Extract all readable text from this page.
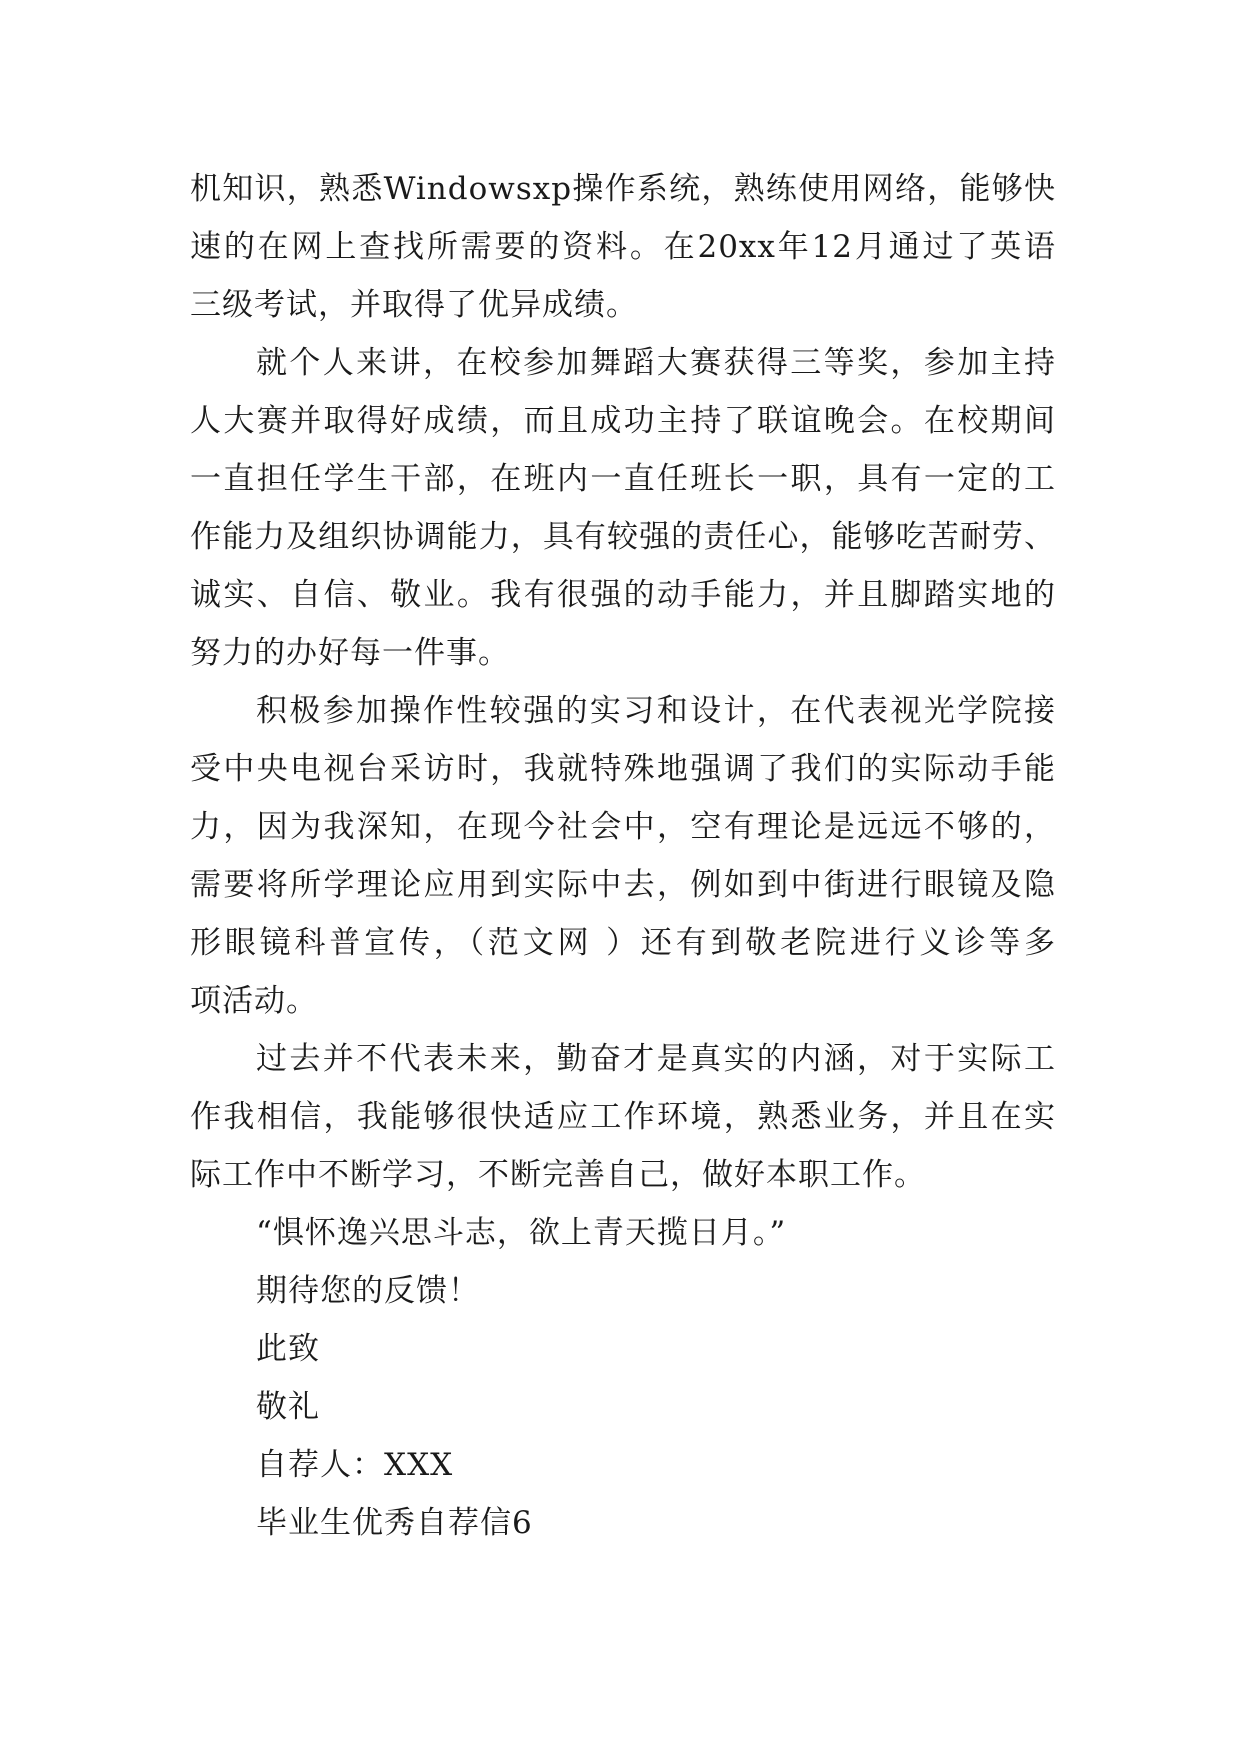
机知识，熟悉Windowsxp操作系统，熟练使用网络，能够快
速的在网上查找所需要的资料。在20xx年12月通过了英语
三级考试，并取得了优异成绩。
就个人来讲，在校参加舞蹈大赛获得三等奖，参加主持
人大赛并取得好成绩，而且成功主持了联谊晚会。在校期间
一直担任学生干部，在班内一直任班长一职，具有一定的工
作能力及组织协调能力，具有较强的责任心，能够吃苦耐劳、
诚实、自信、敬业。我有很强的动手能力，并且脚踏实地的
努力的办好每一件事。
积极参加操作性较强的实习和设计，在代表视光学院接
受中央电视台采访时，我就特殊地强调了我们的实际动手能
力，因为我深知，在现今社会中，空有理论是远远不够的，
需要将所学理论应用到实际中去，例如到中街进行眼镜及隐
形眼镜科普宣传，（范文网 ）还有到敬老院进行义诊等多
项活动。
过去并不代表未来，勤奋才是真实的内涵，对于实际工
作我相信，我能够很快适应工作环境，熟悉业务，并且在实
际工作中不断学习，不断完善自己，做好本职工作。
“惧怀逸兴思斗志，欲上青天揽日月。”
期待您的反馈！
此致
敬礼
自荐人：XXX
毕业生优秀自荐信6
